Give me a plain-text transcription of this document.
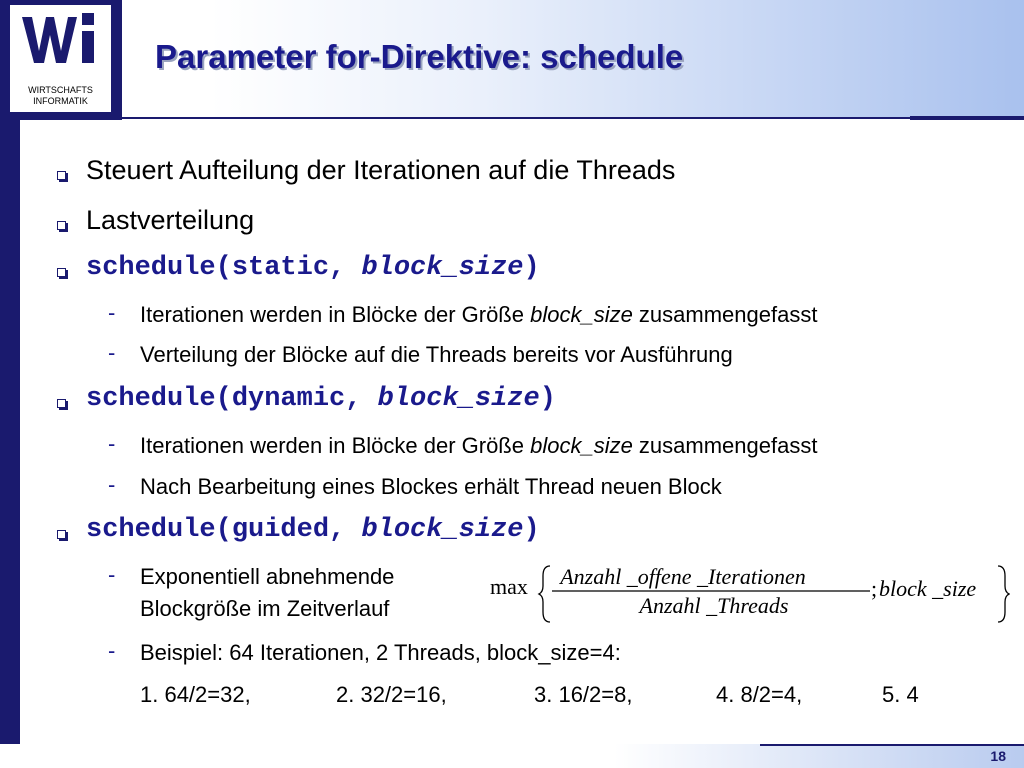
WIRTSCHAFTS
INFORMATIK
Parameter for-Direktive: schedule
Steuert Aufteilung der Iterationen auf die Threads
Lastverteilung
schedule(static, block_size)
- Iterationen werden in Blöcke der Größe block_size zusammengefasst
- Verteilung der Blöcke auf die Threads bereits vor Ausführung
schedule(dynamic, block_size)
- Iterationen werden in Blöcke der Größe block_size zusammengefasst
- Nach Bearbeitung eines Blockes erhält Thread neuen Block
schedule(guided, block_size)
- Exponentiell abnehmende
Blockgröße im Zeitverlauf
max Anzahl _offene _Iterationen
Anzahl _Threads
; block _size
- Beispiel: 64 Iterationen, 2 Threads, block_size=4:
1. 64/2=32,	2. 32/2=16,	3. 16/2=8,	4. 8/2=4,	5. 4
18
